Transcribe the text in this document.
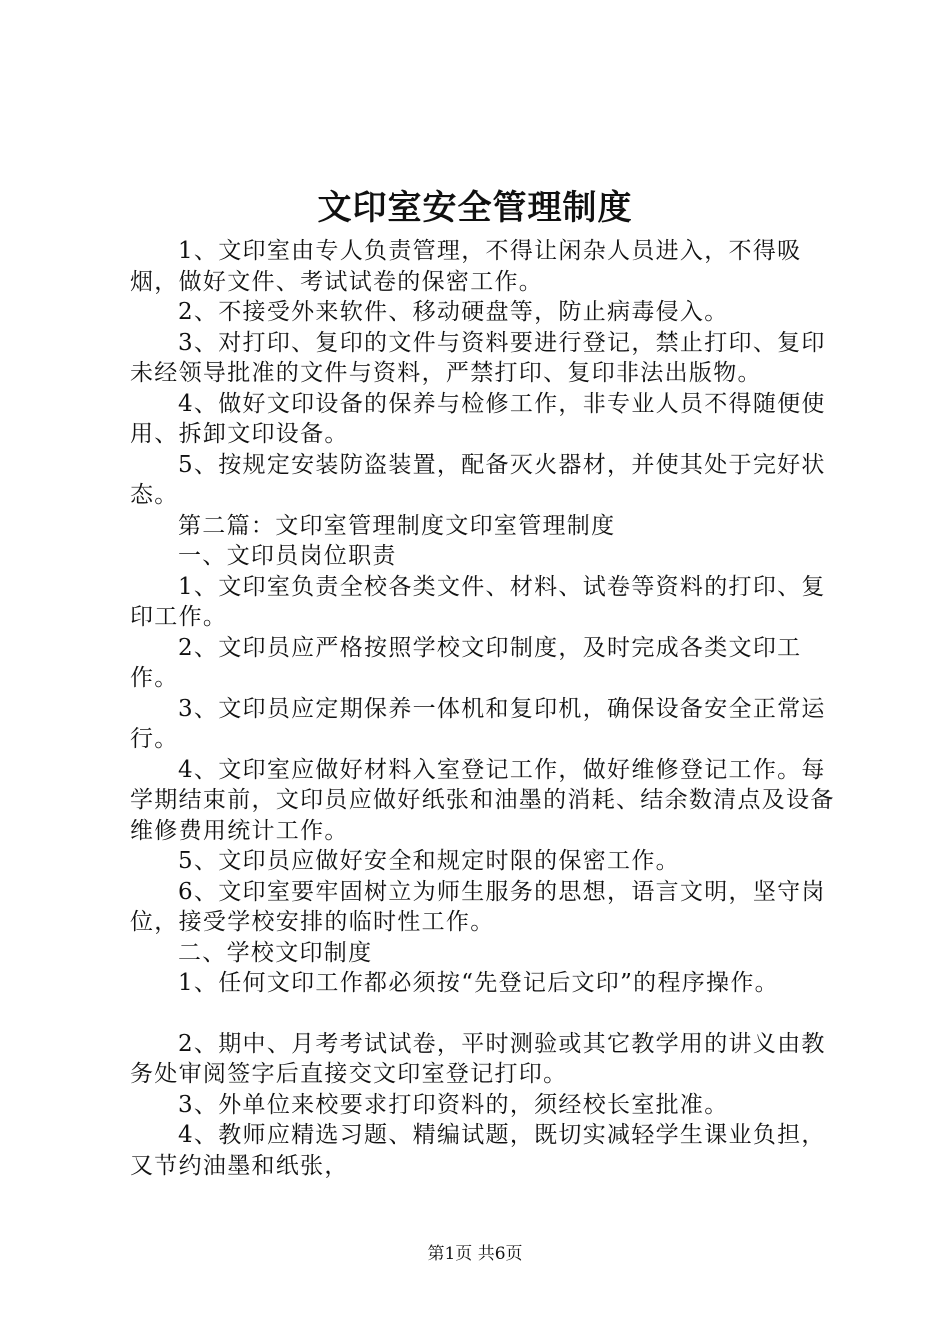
文印室安全管理制度

1、文印室由专人负责管理，不得让闲杂人员进入，不得吸烟，做好文件、考试试卷的保密工作。

2、不接受外来软件、移动硬盘等，防止病毒侵入。

3、对打印、复印的文件与资料要进行登记，禁止打印、复印未经领导批准的文件与资料，严禁打印、复印非法出版物。

4、做好文印设备的保养与检修工作，非专业人员不得随便使用、拆卸文印设备。

5、按规定安装防盗装置，配备灭火器材，并使其处于完好状态。

第二篇：文印室管理制度文印室管理制度

一、文印员岗位职责

1、文印室负责全校各类文件、材料、试卷等资料的打印、复印工作。

2、文印员应严格按照学校文印制度，及时完成各类文印工作。

3、文印员应定期保养一体机和复印机，确保设备安全正常运行。

4、文印室应做好材料入室登记工作，做好维修登记工作。每学期结束前，文印员应做好纸张和油墨的消耗、结余数清点及设备维修费用统计工作。

5、文印员应做好安全和规定时限的保密工作。

6、文印室要牢固树立为师生服务的思想，语言文明，坚守岗位，接受学校安排的临时性工作。

二、学校文印制度

1、任何文印工作都必须按“先登记后文印”的程序操作。

2、期中、月考考试试卷，平时测验或其它教学用的讲义由教务处审阅签字后直接交文印室登记打印。

3、外单位来校要求打印资料的，须经校长室批准。

4、教师应精选习题、精编试题，既切实减轻学生课业负担，又节约油墨和纸张，

第1页 共6页
